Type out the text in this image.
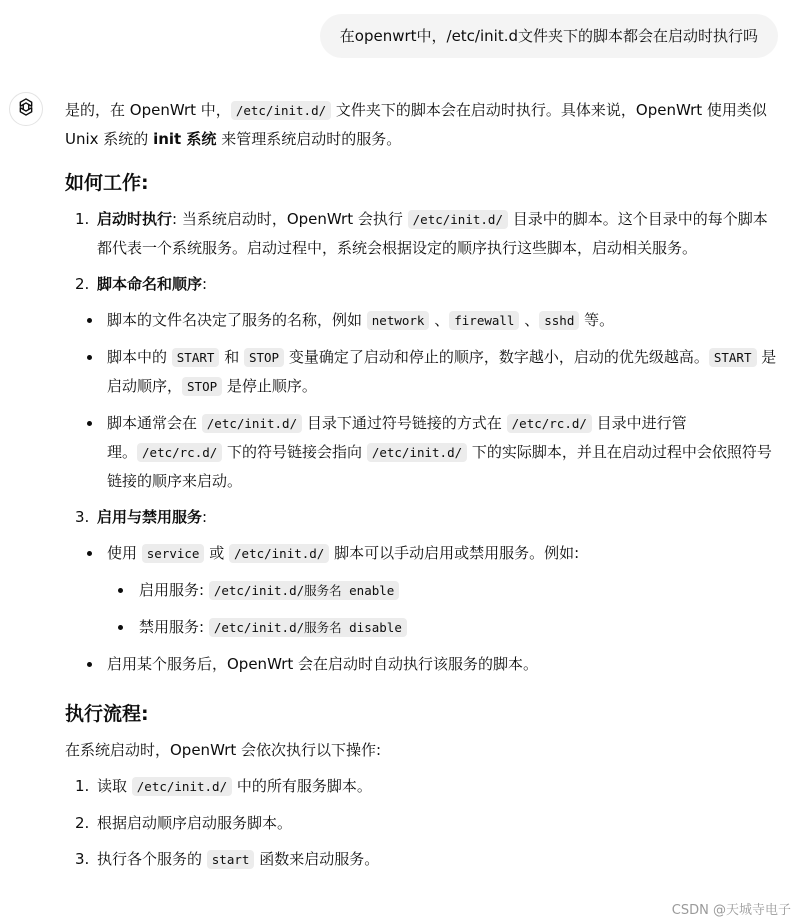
在openwrt中，/etc/init.d文件夹下的脚本都会在启动时执行吗

是的，在 OpenWrt 中， /etc/init.d/ 文件夹下的脚本会在启动时执行。具体来说，OpenWrt 使用类似 Unix 系统的 init 系统 来管理系统启动时的服务。

如何工作:
1. 启动时执行: 当系统启动时，OpenWrt 会执行 /etc/init.d/ 目录中的脚本。这个目录中的每个脚本都代表一个系统服务。启动过程中，系统会根据设定的顺序执行这些脚本，启动相关服务。
2. 脚本命名和顺序:
脚本的文件名决定了服务的名称，例如 network 、 firewall 、 sshd 等。
脚本中的 START 和 STOP 变量确定了启动和停止的顺序，数字越小，启动的优先级越高。 START 是启动顺序， STOP 是停止顺序。
脚本通常会在 /etc/init.d/ 目录下通过符号链接的方式在 /etc/rc.d/ 目录中进行管理。 /etc/rc.d/ 下的符号链接会指向 /etc/init.d/ 下的实际脚本，并且在启动过程中会依照符号链接的顺序来启动。
3. 启用与禁用服务:
使用 service 或 /etc/init.d/ 脚本可以手动启用或禁用服务。例如:
启用服务: /etc/init.d/服务名 enable
禁用服务: /etc/init.d/服务名 disable
启用某个服务后，OpenWrt 会在启动时自动执行该服务的脚本。
执行流程:

在系统启动时，OpenWrt 会依次执行以下操作:

1. 读取 /etc/init.d/ 中的所有服务脚本。
2. 根据启动顺序启动服务脚本。
3. 执行各个服务的 start 函数来启动服务。
CSDN @天城寺电子
